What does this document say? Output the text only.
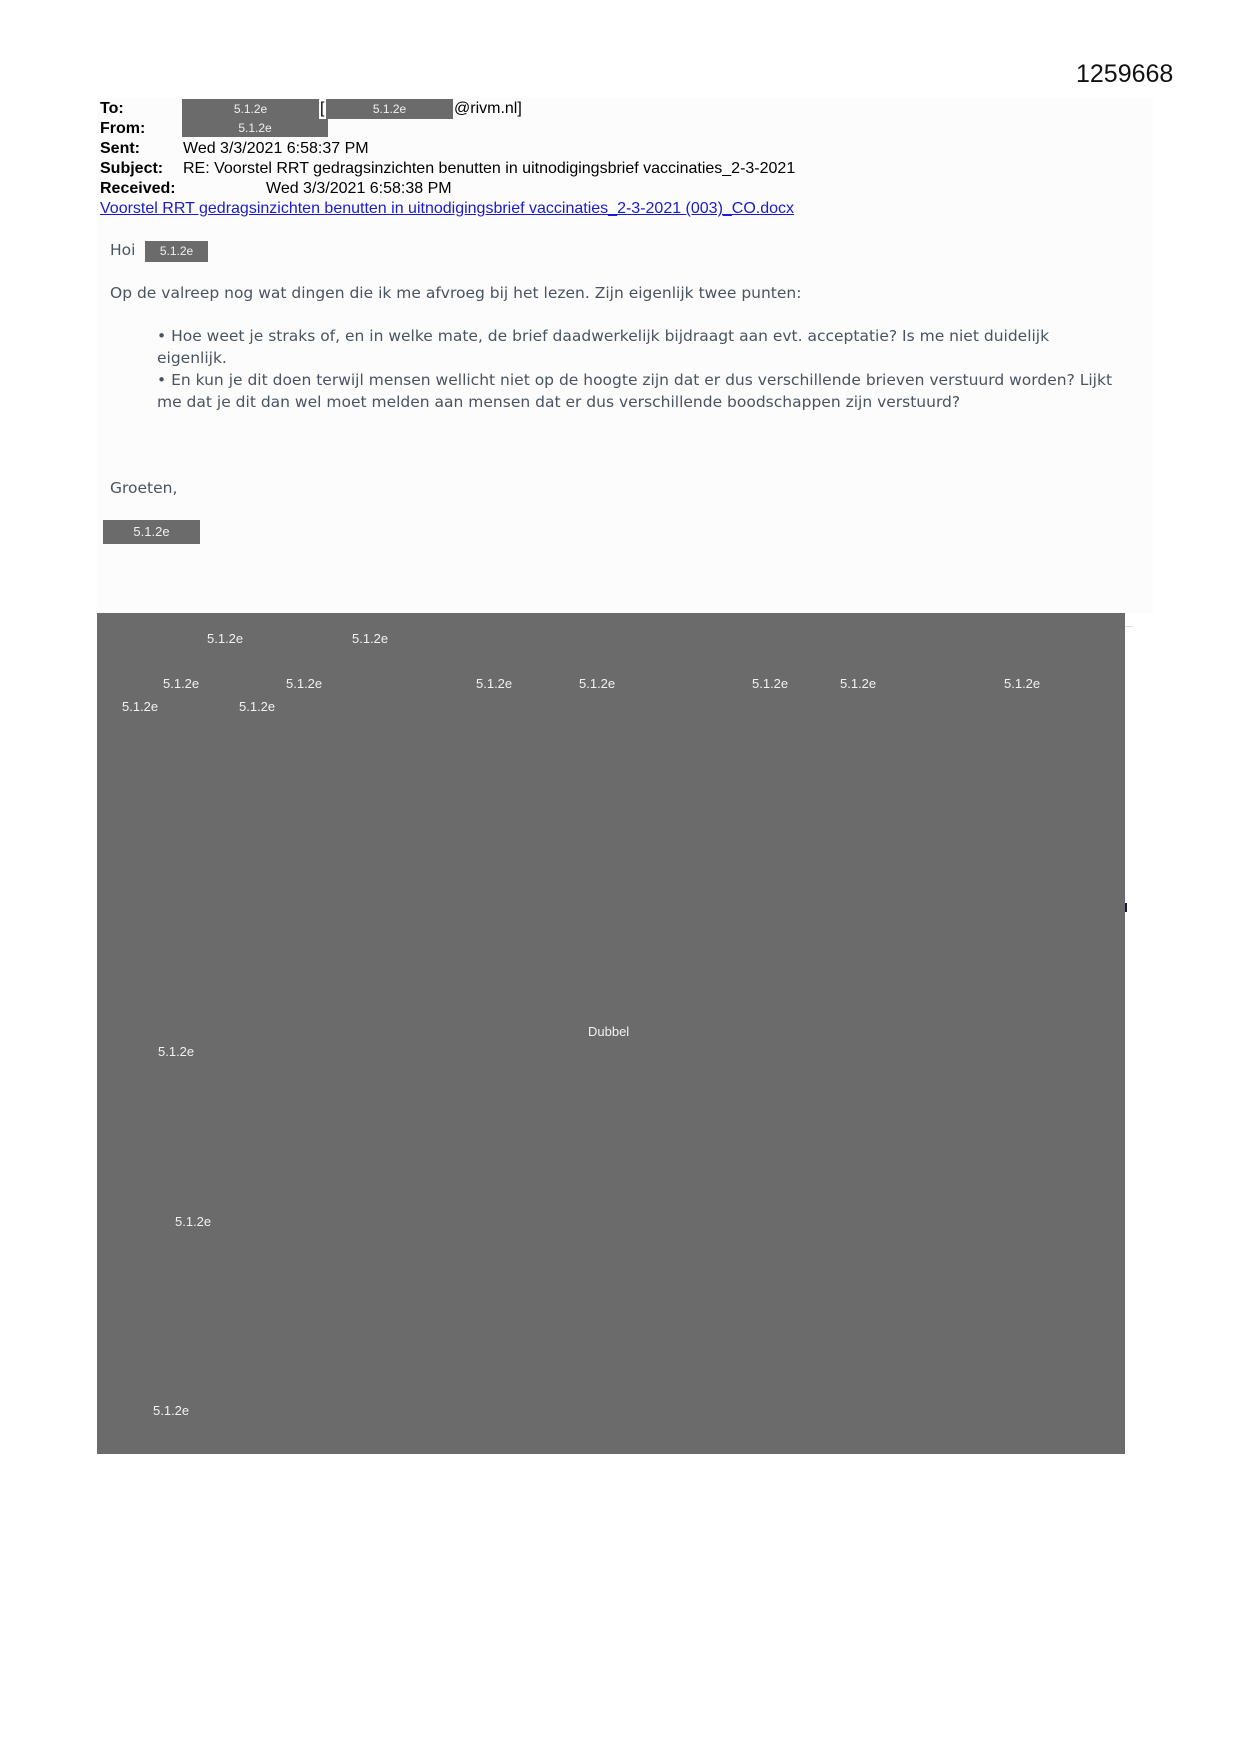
1259668
To:	5.1.2e	[	5.1.2e	@rivm.nl]
From:	5.1.2e
Sent:	Wed 3/3/2021 6:58:37 PM
Subject: RE: Voorstel RRT gedragsinzichten benutten in uitnodigingsbrief vaccinaties_2-3-2021
Received:	Wed 3/3/2021 6:58:38 PM
Voorstel RRT gedragsinzichten benutten in uitnodigingsbrief vaccinaties_2-3-2021 (003)_CO.docx
Hoi	5.1.2e
Op de valreep nog wat dingen die ik me afvroeg bij het lezen. Zijn eigenlijk twee punten:

• Hoe weet je straks of, en in welke mate, de brief daadwerkelijk bijdraagt aan evt. acceptatie? Is me niet duidelijk eigenlijk.

• En kun je dit doen terwijl mensen wellicht niet op de hoogte zijn dat er dus verschillende brieven verstuurd worden? Lijkt me dat je dit dan wel moet melden aan mensen dat er dus verschillende boodschappen zijn verstuurd?

Groeten,
5.1.2e
5.1.2e	5.1.2e
5.1.2e	5.1.2e	5.1.2e	5.1.2e	5.1.2e	5.1.2e	5.1.2e
5.1.2e	5.1.2e
Dubbel
5.1.2e
5.1.2e
5.1.2e
